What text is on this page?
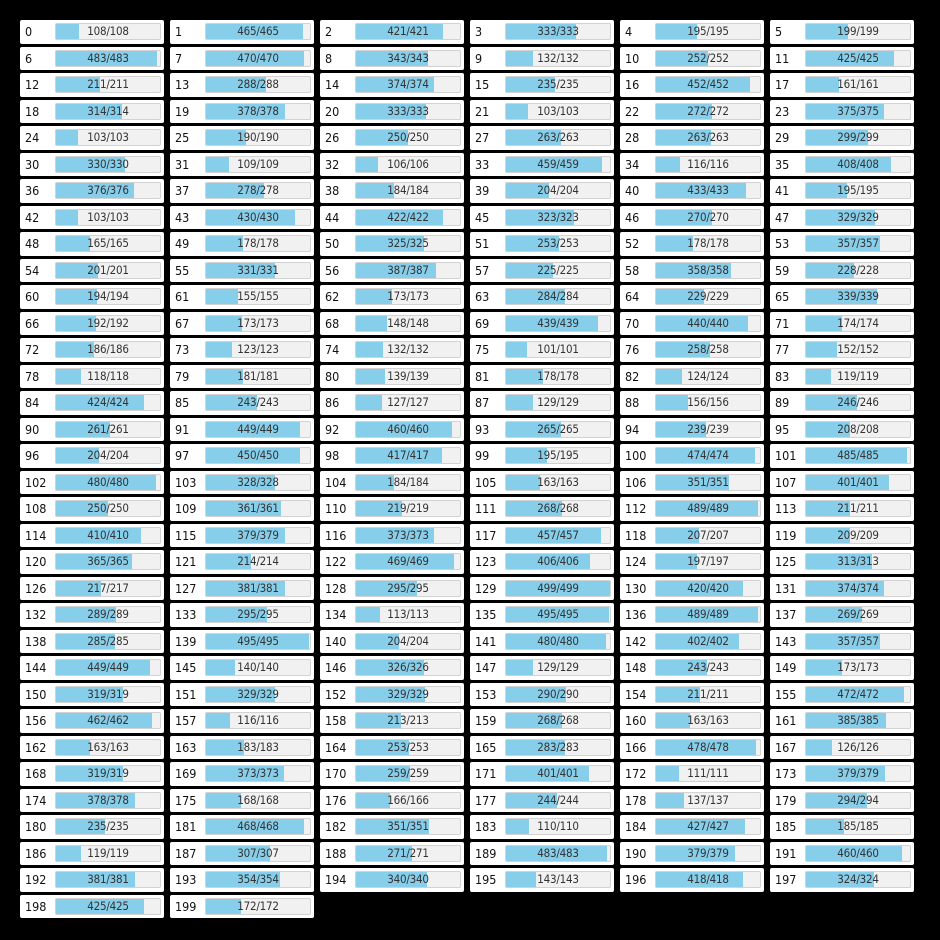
0	108/108	1	465/465	2	421/421	3	333/333	4	195/195	5	199/199
6	483/483	7	470/470	8	343/343	9	132/132	10	252/252	11	425/425
12	211/211	13	288/288	14	374/374	15	235/235	16	452/452	17	161/161
18	314/314	19	378/378	20	333/333	21	103/103	22	272/272	23	375/375
24	103/103	25	190/190	26	250/250	27	263/263	28	263/263	29	299/299
30	330/330	31	109/109	32	106/106	33	459/459	34	116/116	35	408/408
36	376/376	37	278/278	38	184/184	39	204/204	40	433/433	41	195/195
42	103/103	43	430/430	44	422/422	45	323/323	46	270/270	47	329/329
48	165/165	49	178/178	50	325/325	51	253/253	52	178/178	53	357/357
54	201/201	55	331/331	56	387/387	57	225/225	58	358/358	59	228/228
60	194/194	61	155/155	62	173/173	63	284/284	64	229/229	65	339/339
66	192/192	67	173/173	68	148/148	69	439/439	70	440/440	71	174/174
72	186/186	73	123/123	74	132/132	75	101/101	76	258/258	77	152/152
78	118/118	79	181/181	80	139/139	81	178/178	82	124/124	83	119/119
84	424/424	85	243/243	86	127/127	87	129/129	88	156/156	89	246/246
90	261/261	91	449/449	92	460/460	93	265/265	94	239/239	95	208/208
96	204/204	97	450/450	98	417/417	99	195/195	100	474/474	101	485/485
102	480/480	103	328/328	104	184/184	105	163/163	106	351/351	107	401/401
108	250/250	109	361/361	110	219/219	111	268/268	112	489/489	113	211/211
114	410/410	115	379/379	116	373/373	117	457/457	118	207/207	119	209/209
120	365/365	121	214/214	122	469/469	123	406/406	124	197/197	125	313/313
126	217/217	127	381/381	128	295/295	129	499/499	130	420/420	131	374/374
132	289/289	133	295/295	134	113/113	135	495/495	136	489/489	137	269/269
138	285/285	139	495/495	140	204/204	141	480/480	142	402/402	143	357/357
144	449/449	145	140/140	146	326/326	147	129/129	148	243/243	149	173/173
150	319/319	151	329/329	152	329/329	153	290/290	154	211/211	155	472/472
156	462/462	157	116/116	158	213/213	159	268/268	160	163/163	161	385/385
162	163/163	163	183/183	164	253/253	165	283/283	166	478/478	167	126/126
168	319/319	169	373/373	170	259/259	171	401/401	172	111/111	173	379/379
174	378/378	175	168/168	176	166/166	177	244/244	178	137/137	179	294/294
180	235/235	181	468/468	182	351/351	183	110/110	184	427/427	185	185/185
186	119/119	187	307/307	188	271/271	189	483/483	190	379/379	191	460/460
192	381/381	193	354/354	194	340/340	195	143/143	196	418/418	197	324/324
198	425/425	199	172/172
